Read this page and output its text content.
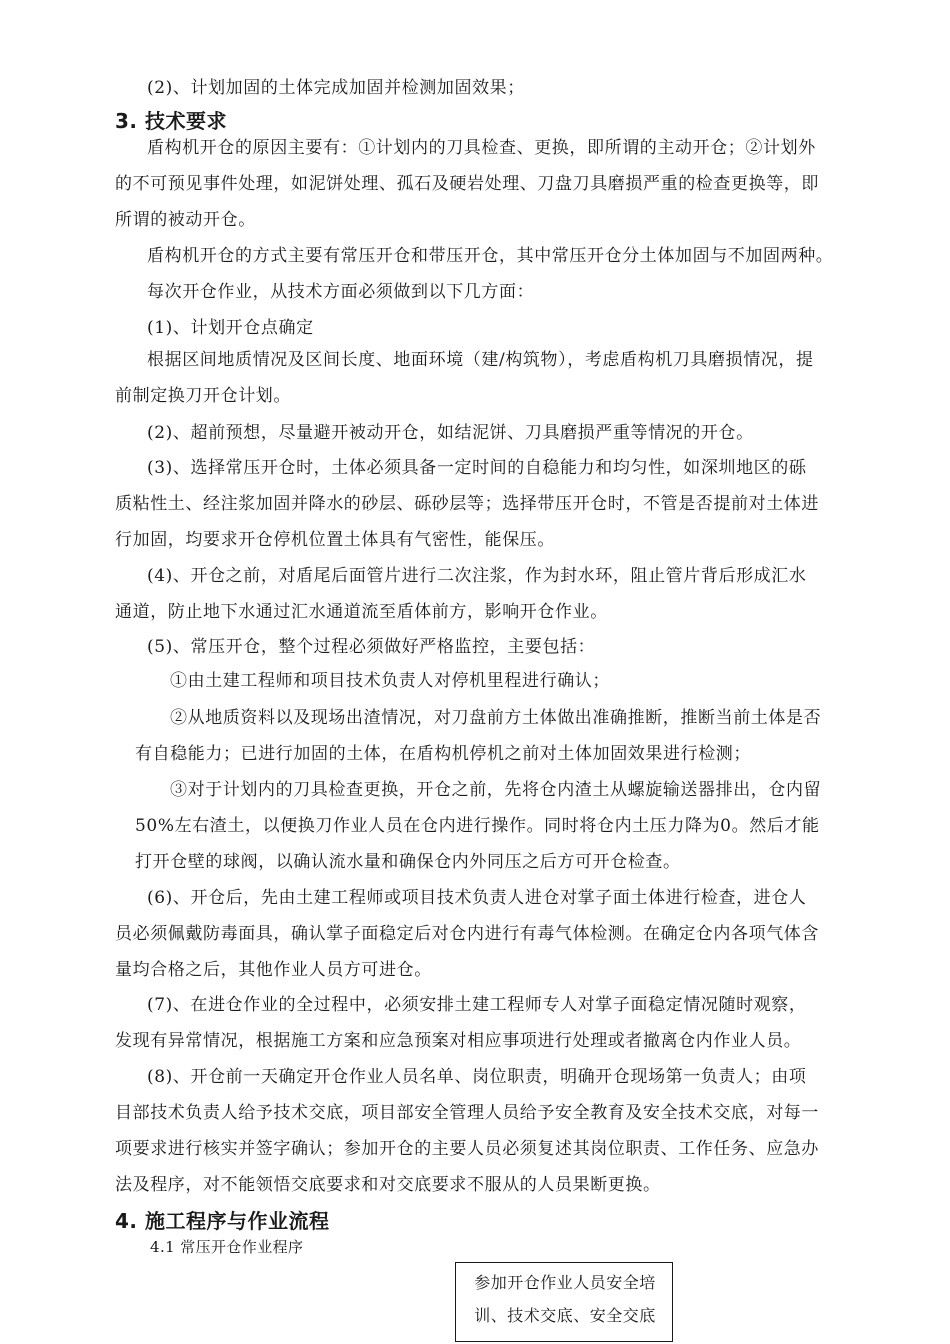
(2)、计划加固的土体完成加固并检测加固效果；
3. 技术要求
盾构机开仓的原因主要有：①计划内的刀具检查、更换，即所谓的主动开仓；②计划外
的不可预见事件处理，如泥饼处理、孤石及硬岩处理、刀盘刀具磨损严重的检查更换等，即
所谓的被动开仓。
盾构机开仓的方式主要有常压开仓和带压开仓，其中常压开仓分土体加固与不加固两种。
每次开仓作业，从技术方面必须做到以下几方面：
(1)、计划开仓点确定
根据区间地质情况及区间长度、地面环境（建/构筑物），考虑盾构机刀具磨损情况，提
前制定换刀开仓计划。
(2)、超前预想，尽量避开被动开仓，如结泥饼、刀具磨损严重等情况的开仓。
(3)、选择常压开仓时，土体必须具备一定时间的自稳能力和均匀性，如深圳地区的砾
质粘性土、经注浆加固并降水的砂层、砾砂层等；选择带压开仓时，不管是否提前对土体进
行加固，均要求开仓停机位置土体具有气密性，能保压。
(4)、开仓之前，对盾尾后面管片进行二次注浆，作为封水环，阻止管片背后形成汇水
通道，防止地下水通过汇水通道流至盾体前方，影响开仓作业。
(5)、常压开仓，整个过程必须做好严格监控，主要包括：
①由土建工程师和项目技术负责人对停机里程进行确认；
②从地质资料以及现场出渣情况，对刀盘前方土体做出准确推断，推断当前土体是否
有自稳能力；已进行加固的土体，在盾构机停机之前对土体加固效果进行检测；
③对于计划内的刀具检查更换，开仓之前，先将仓内渣土从螺旋输送器排出，仓内留
50%左右渣土，以便换刀作业人员在仓内进行操作。同时将仓内土压力降为0。然后才能
打开仓壁的球阀，以确认流水量和确保仓内外同压之后方可开仓检查。
(6)、开仓后，先由土建工程师或项目技术负责人进仓对掌子面土体进行检查，进仓人
员必须佩戴防毒面具，确认掌子面稳定后对仓内进行有毒气体检测。在确定仓内各项气体含
量均合格之后，其他作业人员方可进仓。
(7)、在进仓作业的全过程中，必须安排土建工程师专人对掌子面稳定情况随时观察，
发现有异常情况，根据施工方案和应急预案对相应事项进行处理或者撤离仓内作业人员。
(8)、开仓前一天确定开仓作业人员名单、岗位职责，明确开仓现场第一负责人；由项
目部技术负责人给予技术交底，项目部安全管理人员给予安全教育及安全技术交底，对每一
项要求进行核实并签字确认；参加开仓的主要人员必须复述其岗位职责、工作任务、应急办
法及程序，对不能领悟交底要求和对交底要求不服从的人员果断更换。
4. 施工程序与作业流程
4.1 常压开仓作业程序
参加开仓作业人员安全培
训、技术交底、安全交底
